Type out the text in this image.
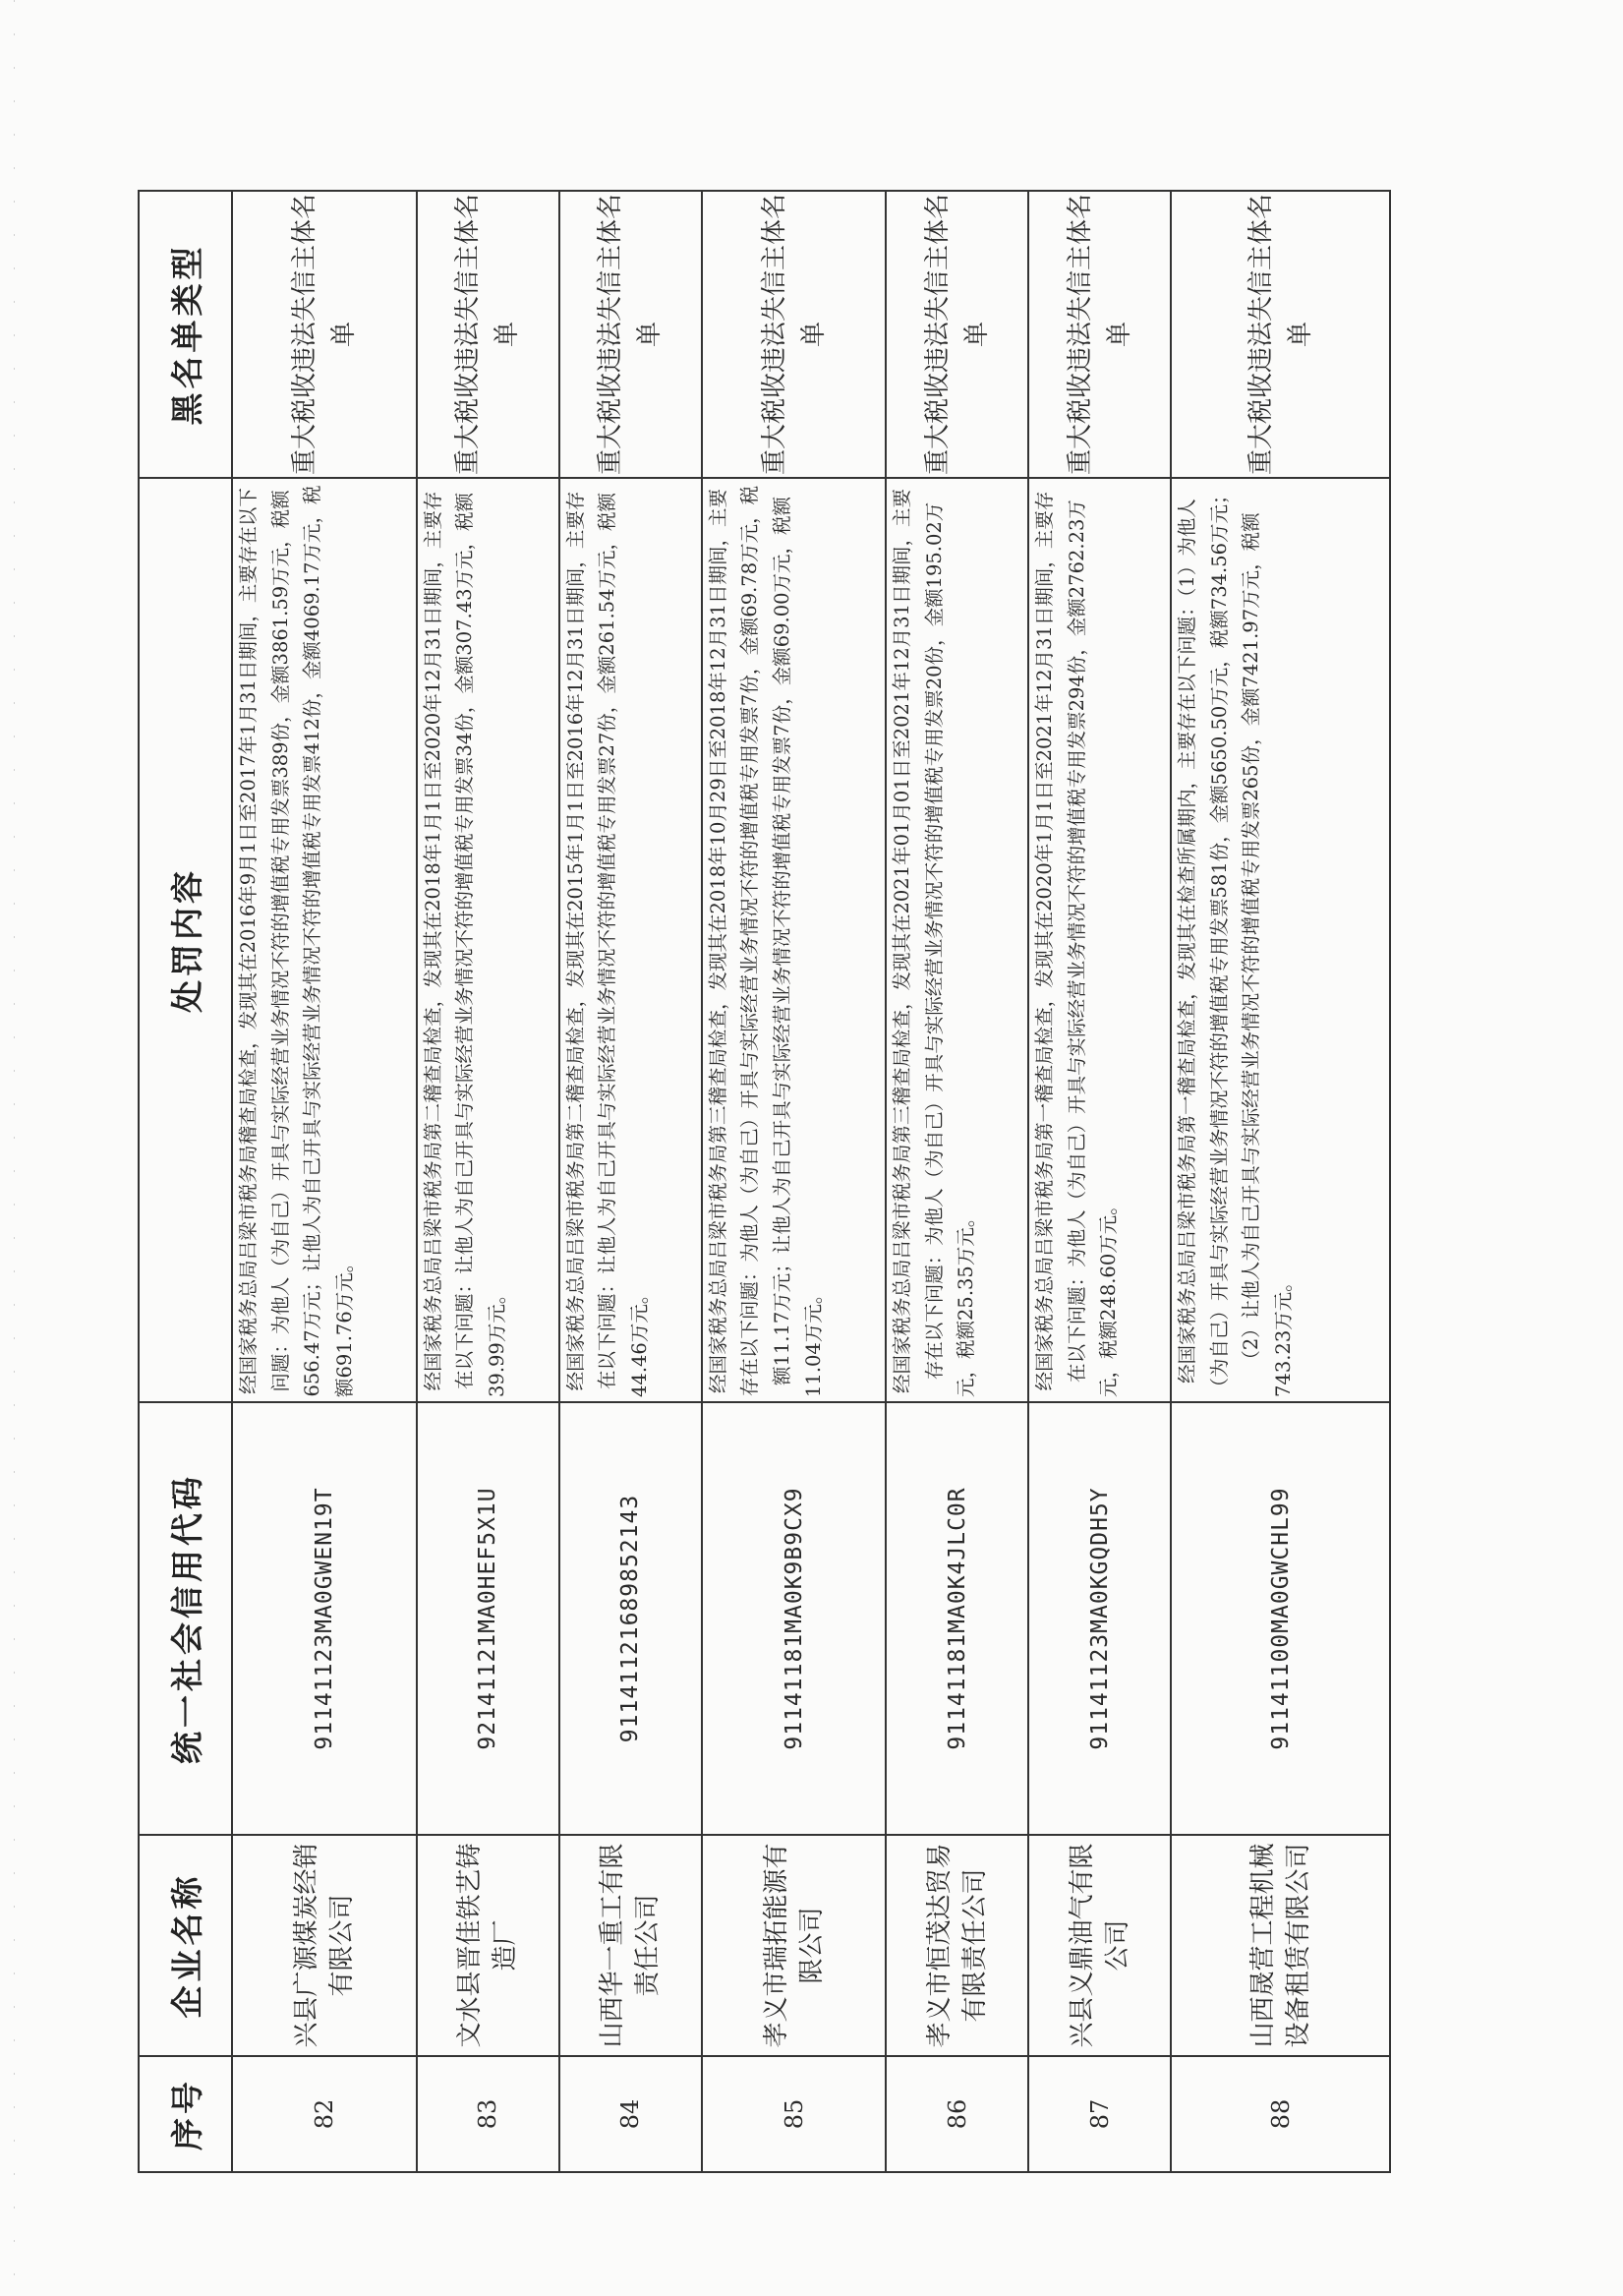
序号	企业名称	统一社会信用代码	处罚内容	黑名单类型
82	兴县广源煤炭经销有限公司	91141123MA0GWEN19T	经国家税务总局吕梁市税务局稽查局检查，发现其在2016年9月1日至2017年1月31日期间，主要存在以下问题：为他人（为自己）开具与实际经营业务情况不符的增值税专用发票389份，金额3861.59万元，税额656.47万元；让他人为自己开具与实际经营业务情况不符的增值税专用发票412份，金额4069.17万元，税额691.76万元。	重大税收违法失信主体名单
83	文水县晋佳铁艺铸造厂	92141121MA0HEF5X1U	经国家税务总局吕梁市税务局第二稽查局检查，发现其在2018年1月1日至2020年12月31日期间，主要存在以下问题：让他人为自己开具与实际经营业务情况不符的增值税专用发票34份，金额307.43万元，税额39.99万元。	重大税收违法失信主体名单
84	山西华一重工有限责任公司	91141121689852143	经国家税务总局吕梁市税务局第二稽查局检查，发现其在2015年1月1日至2016年12月31日期间，主要存在以下问题：让他人为自己开具与实际经营业务情况不符的增值税专用发票27份，金额261.54万元，税额44.46万元。	重大税收违法失信主体名单
85	孝义市瑞拓能源有限公司	91141181MA0K9B9CX9	经国家税务总局吕梁市税务局第三稽查局检查，发现其在2018年10月29日至2018年12月31日期间，主要存在以下问题：为他人（为自己）开具与实际经营业务情况不符的增值税专用发票7份，金额69.78万元，税额11.17万元；让他人为自己开具与实际经营业务情况不符的增值税专用发票7份，金额69.00万元，税额11.04万元。	重大税收违法失信主体名单
86	孝义市恒茂达贸易有限责任公司	91141181MA0K4JLC0R	经国家税务总局吕梁市税务局第三稽查局检查，发现其在2021年01月01日至2021年12月31日期间，主要存在以下问题：为他人（为自己）开具与实际经营业务情况不符的增值税专用发票20份，金额195.02万元，税额25.35万元。	重大税收违法失信主体名单
87	兴县义鼎油气有限公司	91141123MA0KGQDH5Y	经国家税务总局吕梁市税务局第一稽查局检查，发现其在2020年1月1日至2021年12月31日期间，主要存在以下问题：为他人（为自己）开具与实际经营业务情况不符的增值税专用发票294份，金额2762.23万元，税额248.60万元。	重大税收违法失信主体名单
88	山西晟营工程机械设备租赁有限公司	91141100MA0GWCHL99	经国家税务总局吕梁市税务局第一稽查局检查，发现其在检查所属期内，主要存在以下问题：（1）为他人（为自己）开具与实际经营业务情况不符的增值税专用发票581份，金额5650.50万元，税额734.56万元；（2）让他人为自己开具与实际经营业务情况不符的增值税专用发票265份，金额7421.97万元，税额743.23万元。	重大税收违法失信主体名单
